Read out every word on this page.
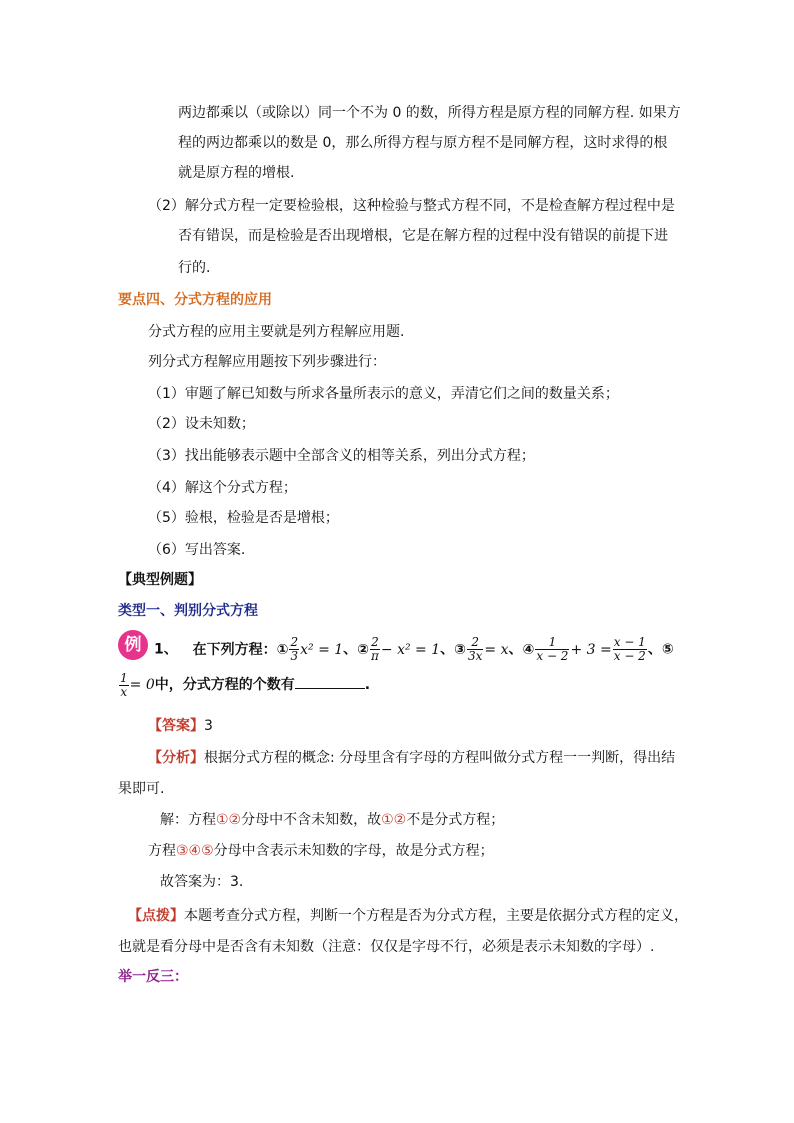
两边都乘以（或除以）同一个不为 0 的数，所得方程是原方程的同解方程. 如果方
程的两边都乘以的数是 0，那么所得方程与原方程不是同解方程，这时求得的根
就是原方程的增根.
（2）解分式方程一定要检验根，这种检验与整式方程不同，不是检查解方程过程中是
否有错误，而是检验是否出现增根，它是在解方程的过程中没有错误的前提下进
行的.
要点四、分式方程的应用
分式方程的应用主要就是列方程解应用题.
列分式方程解应用题按下列步骤进行：
（1）审题了解已知数与所求各量所表示的意义，弄清它们之间的数量关系；
（2）设未知数；
（3）找出能够表示题中全部含义的相等关系，列出分式方程；
（4）解这个分式方程；
（5）验根，检验是否是增根；
（6）写出答案.
【典型例题】
类型一、判别分式方程
例 1、 在下列方程：① $\frac{2}{3} x^2 = 1$、② $\frac{2}{\pi} - x^2 = 1$、③ $\frac{2}{3x} = x$、④ $\frac{1}{x - 2} + 3 = \frac{x - 1}{x - 2}$ 、⑤
$\frac{1}{x} = 0$中，分式方程的个数有	.
【答案】3
【分析】根据分式方程的概念: 分母里含有字母的方程叫做分式方程一一判断，得出结
果即可.
解：方程①②分母中不含未知数，故①②不是分式方程；
方程③④⑤分母中含表示未知数的字母，故是分式方程；
故答案为：3.
【点拨】本题考查分式方程，判断一个方程是否为分式方程，主要是依据分式方程的定义，
也就是看分母中是否含有未知数（注意：仅仅是字母不行，必须是表示未知数的字母）.
举一反三：
